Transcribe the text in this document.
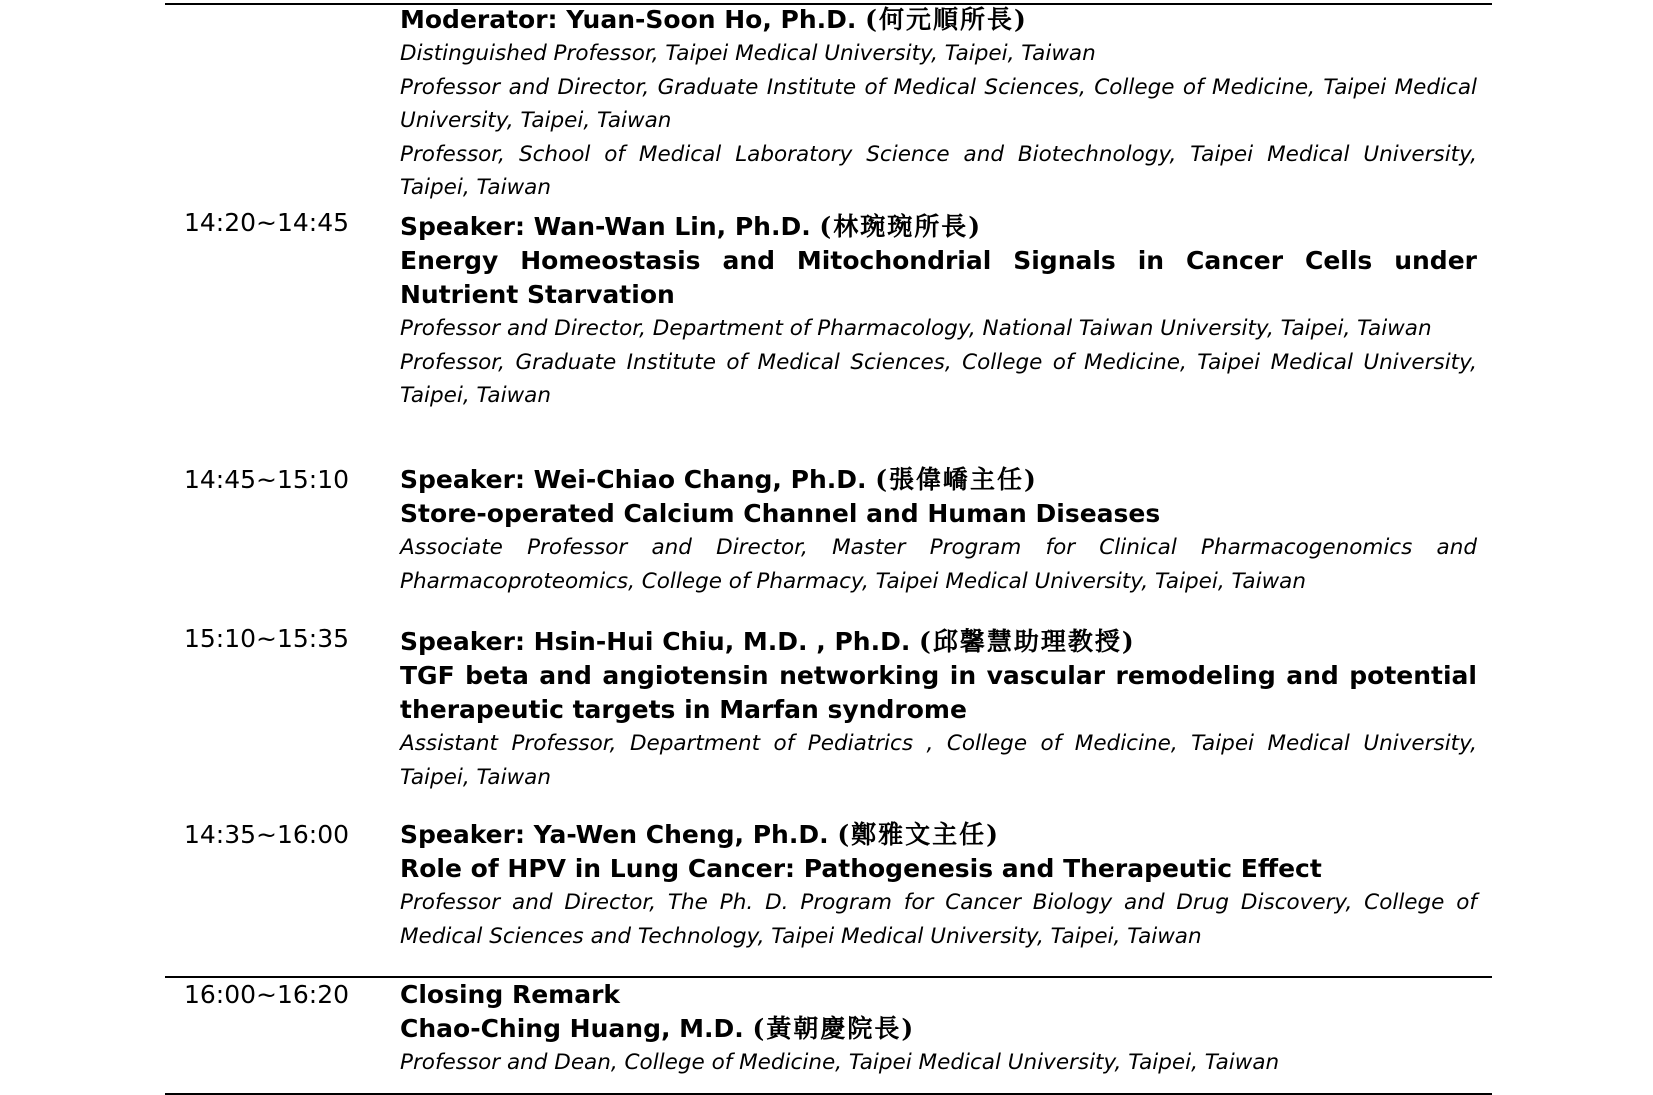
Moderator: Yuan-Soon Ho, Ph.D. (何元順所長)
Distinguished Professor, Taipei Medical University, Taipei, Taiwan
Professor and Director, Graduate Institute of Medical Sciences, College of Medicine, Taipei Medical University, Taipei, Taiwan
Professor, School of Medical Laboratory Science and Biotechnology, Taipei Medical University, Taipei, Taiwan
14:20~14:45 Speaker: Wan-Wan Lin, Ph.D. (林琬琬所長)
Energy Homeostasis and Mitochondrial Signals in Cancer Cells under Nutrient Starvation
Professor and Director, Department of Pharmacology, National Taiwan University, Taipei, Taiwan
Professor, Graduate Institute of Medical Sciences, College of Medicine, Taipei Medical University, Taipei, Taiwan
14:45~15:10 Speaker: Wei-Chiao Chang, Ph.D. (張偉嶠主任)
Store-operated Calcium Channel and Human Diseases
Associate Professor and Director, Master Program for Clinical Pharmacogenomics and Pharmacoproteomics, College of Pharmacy, Taipei Medical University, Taipei, Taiwan
15:10~15:35 Speaker: Hsin-Hui Chiu, M.D. , Ph.D. (邱馨慧助理教授)
TGF beta and angiotensin networking in vascular remodeling and potential therapeutic targets in Marfan syndrome
Assistant Professor, Department of Pediatrics , College of Medicine, Taipei Medical University, Taipei, Taiwan
14:35~16:00 Speaker: Ya-Wen Cheng, Ph.D. (鄭雅文主任)
Role of HPV in Lung Cancer: Pathogenesis and Therapeutic Effect
Professor and Director, The Ph. D. Program for Cancer Biology and Drug Discovery, College of Medical Sciences and Technology, Taipei Medical University, Taipei, Taiwan
16:00~16:20 Closing Remark
Chao-Ching Huang, M.D. (黃朝慶院長)
Professor and Dean, College of Medicine, Taipei Medical University, Taipei, Taiwan
